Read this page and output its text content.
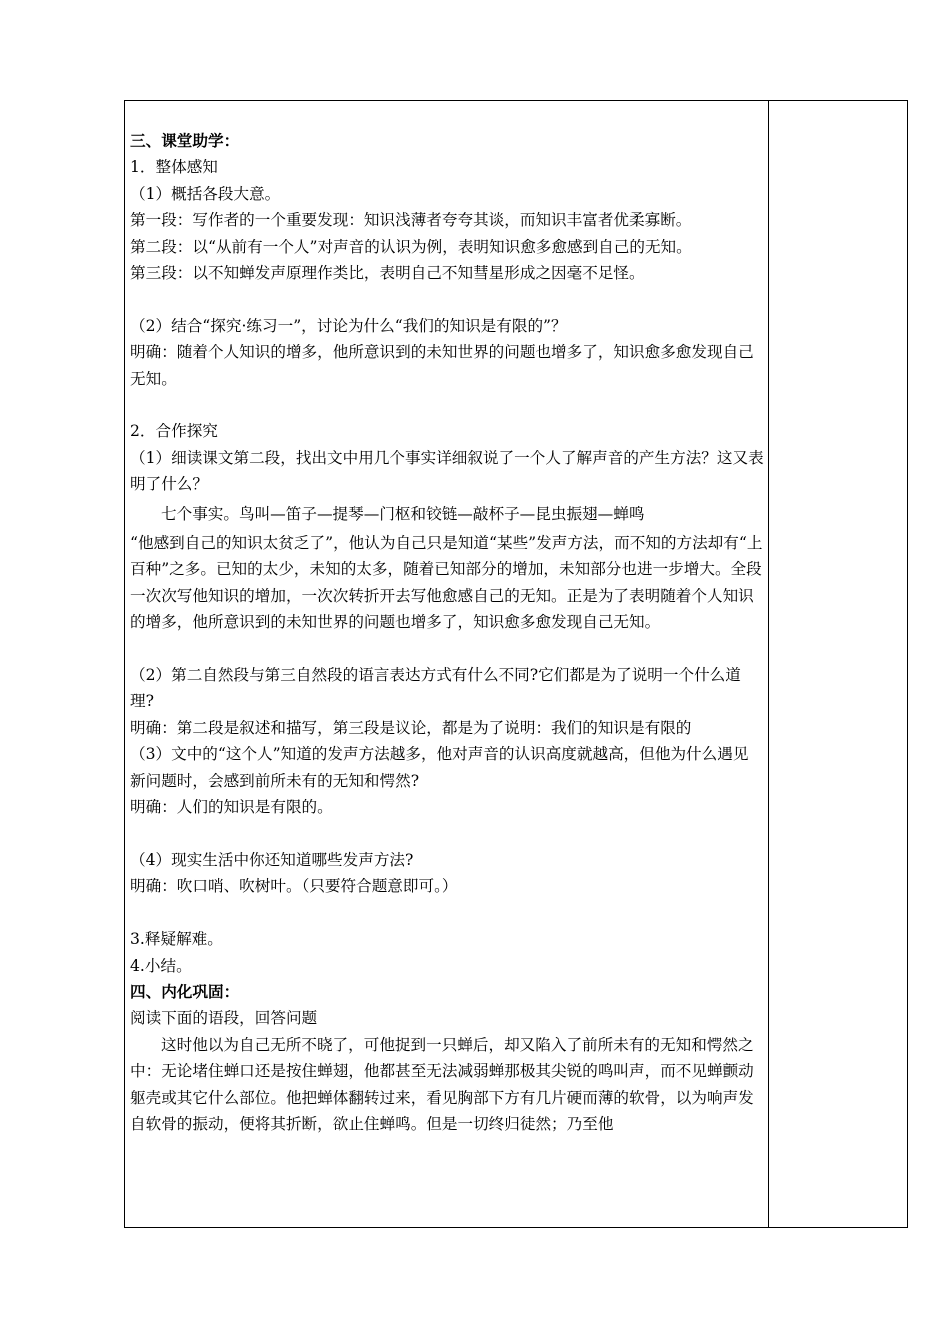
三、课堂助学：

1．整体感知

（1）概括各段大意。

第一段：写作者的一个重要发现：知识浅薄者夸夸其谈，而知识丰富者优柔寡断。

第二段：以“从前有一个人”对声音的认识为例，表明知识愈多愈感到自己的无知。

第三段：以不知蝉发声原理作类比，表明自己不知彗星形成之因毫不足怪。

（2）结合“探究·练习一”，讨论为什么“我们的知识是有限的”？

明确：随着个人知识的增多，他所意识到的未知世界的问题也增多了，知识愈多愈发现自己无知。

2．合作探究

（1）细读课文第二段，找出文中用几个事实详细叙说了一个人了解声音的产生方法？这又表明了什么？

七个事实。鸟叫—笛子—提琴—门枢和铰链—敲杯子—昆虫振翅—蝉鸣

“他感到自己的知识太贫乏了”，他认为自己只是知道“某些”发声方法，而不知的方法却有“上百种”之多。已知的太少，未知的太多，随着已知部分的增加，未知部分也进一步增大。全段一次次写他知识的增加，一次次转折开去写他愈感自己的无知。正是为了表明随着个人知识的增多，他所意识到的未知世界的问题也增多了，知识愈多愈发现自己无知。

（2）第二自然段与第三自然段的语言表达方式有什么不同?它们都是为了说明一个什么道理?

明确：第二段是叙述和描写，第三段是议论，都是为了说明：我们的知识是有限的

（3）文中的“这个人”知道的发声方法越多，他对声音的认识高度就越高，但他为什么遇见新问题时，会感到前所未有的无知和愕然?

明确：人们的知识是有限的。

（4）现实生活中你还知道哪些发声方法?

明确：吹口哨、吹树叶。（只要符合题意即可。）

3.释疑解难。

4.小结。

四、内化巩固：

阅读下面的语段，回答问题

这时他以为自己无所不晓了，可他捉到一只蝉后，却又陷入了前所未有的无知和愕然之中：无论堵住蝉口还是按住蝉翅，他都甚至无法减弱蝉那极其尖锐的鸣叫声，而不见蝉颤动躯壳或其它什么部位。他把蝉体翻转过来，看见胸部下方有几片硬而薄的软骨，以为响声发自软骨的振动，便将其折断，欲止住蝉鸣。但是一切终归徒然；乃至他
